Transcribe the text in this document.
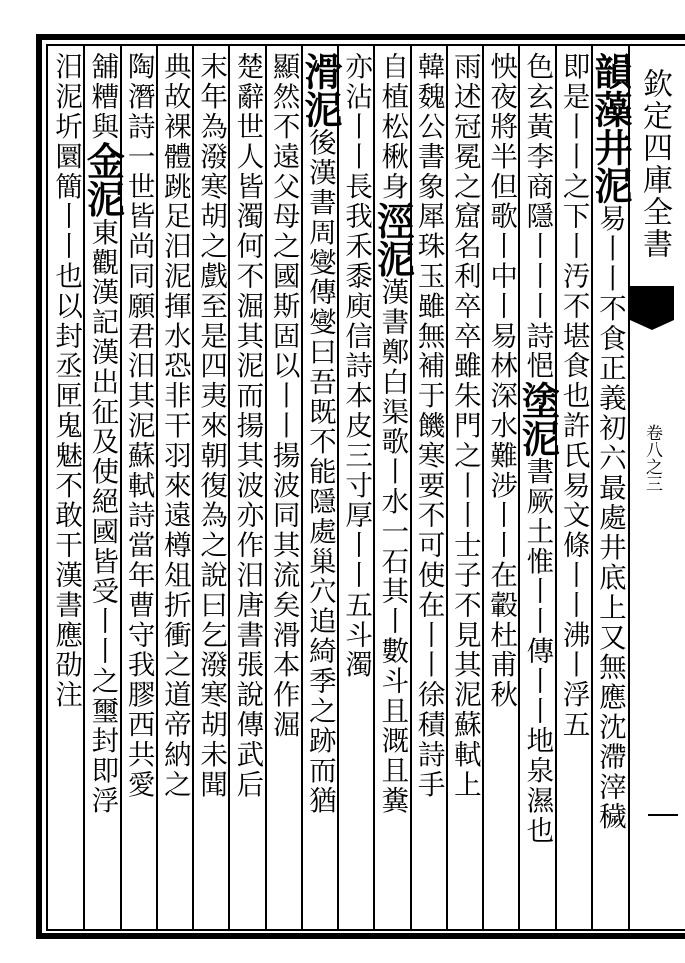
欽定四庫全書
卷八之三
韻藻井泥易丨丨不食正義初六最處井底上又無應沈滯滓穢
即是丨丨之下丨汚不堪食也許氏易文條丨丨沸丨浮五
色玄黃李商隱丨丨丨詩悒塗泥書厥土惟丨丨傳丨丨地泉濕也
怏夜將半但歌丨中丨易林深水難涉丨丨在轂杜甫秋
雨述冠冕之窟名利卒卒雖朱門之丨丨士子不見其泥蘇軾上
韓魏公書象犀珠玉雖無補于饑寒要不可使在丨丨徐積詩手
自植松楸身涇泥漢書鄭白渠歌丨水一石其丨數斗且溉且糞
亦沾丨丨長我禾黍庾信詩本皮三寸厚丨丨五斗濁
滑泥後漢書周燮傳燮曰吾既不能隱處巢穴追綺季之跡而猶
顯然不遠父母之國斯固以丨丨揚波同其流矣滑本作淈
楚辭世人皆濁何不淈其泥而揚其波亦作汨唐書張說傳武后
末年為潑寒胡之戲至是四夷來朝復為之說曰乞潑寒胡未聞
典故裸體跳足汨泥揮水恐非干羽來遠樽俎折衝之道帝納之
陶潛詩一世皆尚同願君汨其泥蘇軾詩當年曹守我膠西共愛
舖糟與金泥東觀漢記漢出征及使絕國皆受丨丨之璽封即浮
汨泥圻圜簡丨丨也以封丞匣鬼魅不敢干漢書應劭注
